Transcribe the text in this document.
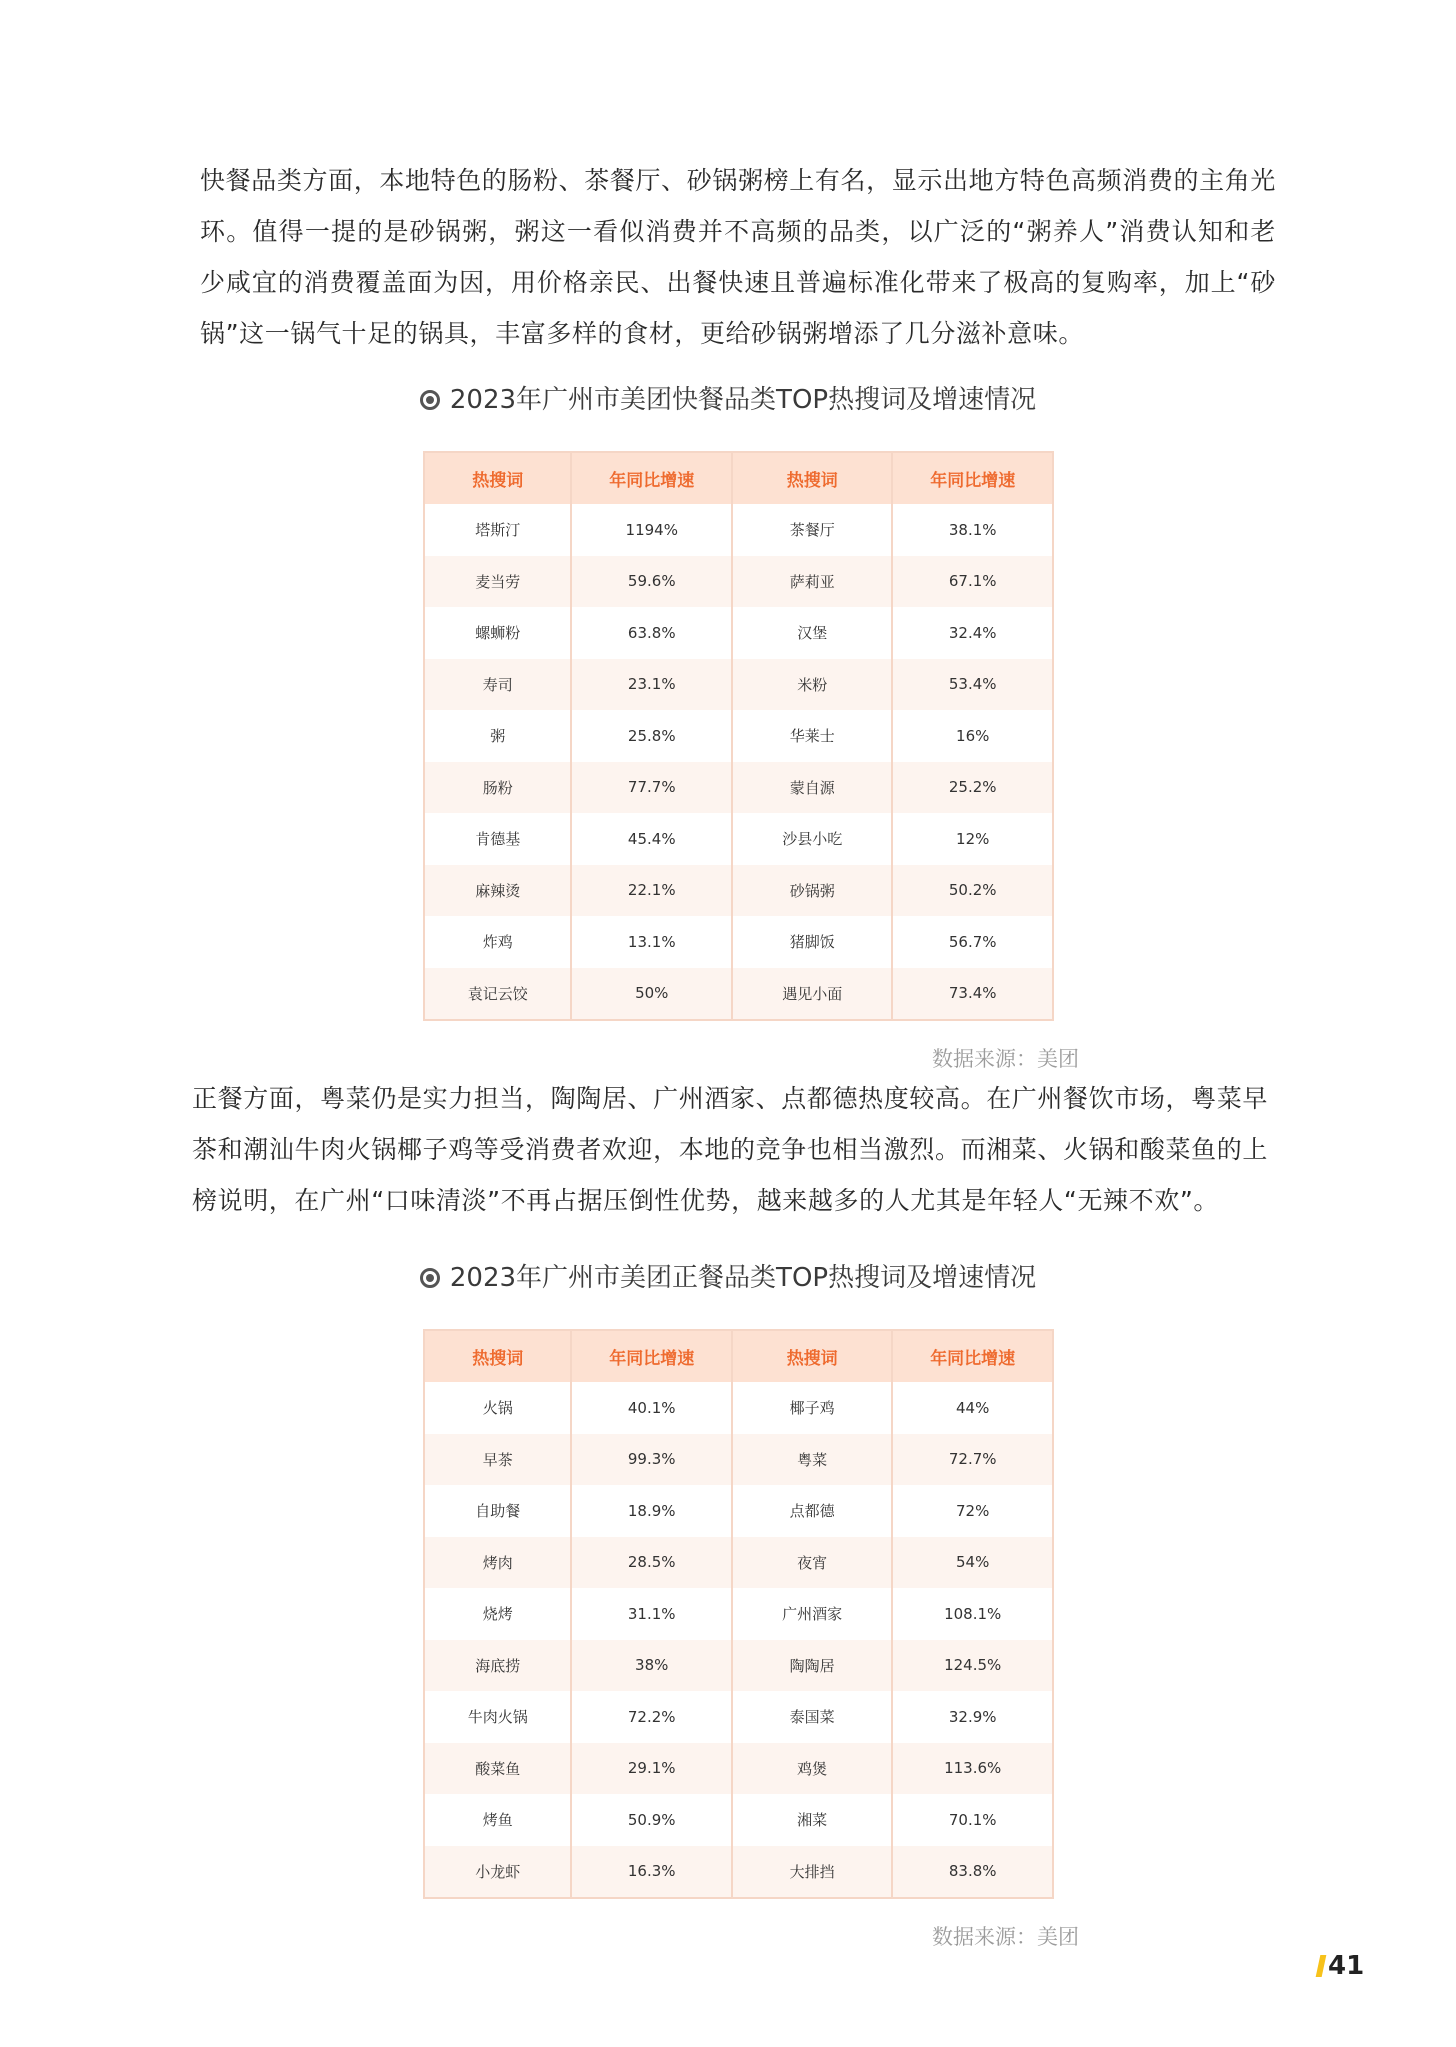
快餐品类方面，本地特色的肠粉、茶餐厅、砂锅粥榜上有名，显示出地方特色高频消费的主角光环。值得一提的是砂锅粥，粥这一看似消费并不高频的品类，以广泛的“粥养人”消费认知和老少咸宜的消费覆盖面为因，用价格亲民、出餐快速且普遍标准化带来了极高的复购率，加上“砂锅”这一锅气十足的锅具，丰富多样的食材，更给砂锅粥增添了几分滋补意味。

2023年广州市美团快餐品类TOP热搜词及增速情况
热搜词	年同比增速	热搜词	年同比增速
塔斯汀	1194%	茶餐厅	38.1%
麦当劳	59.6%	萨莉亚	67.1%
螺蛳粉	63.8%	汉堡	32.4%
寿司	23.1%	米粉	53.4%
粥	25.8%	华莱士	16%
肠粉	77.7%	蒙自源	25.2%
肯德基	45.4%	沙县小吃	12%
麻辣烫	22.1%	砂锅粥	50.2%
炸鸡	13.1%	猪脚饭	56.7%
袁记云饺	50%	遇见小面	73.4%
数据来源：美团

正餐方面，粤菜仍是实力担当，陶陶居、广州酒家、点都德热度较高。在广州餐饮市场，粤菜早茶和潮汕牛肉火锅椰子鸡等受消费者欢迎，本地的竞争也相当激烈。而湘菜、火锅和酸菜鱼的上榜说明，在广州“口味清淡”不再占据压倒性优势，越来越多的人尤其是年轻人“无辣不欢”。

2023年广州市美团正餐品类TOP热搜词及增速情况
热搜词	年同比增速	热搜词	年同比增速
火锅	40.1%	椰子鸡	44%
早茶	99.3%	粤菜	72.7%
自助餐	18.9%	点都德	72%
烤肉	28.5%	夜宵	54%
烧烤	31.1%	广州酒家	108.1%
海底捞	38%	陶陶居	124.5%
牛肉火锅	72.2%	泰国菜	32.9%
酸菜鱼	29.1%	鸡煲	113.6%
烤鱼	50.9%	湘菜	70.1%
小龙虾	16.3%	大排挡	83.8%
数据来源：美团
41
